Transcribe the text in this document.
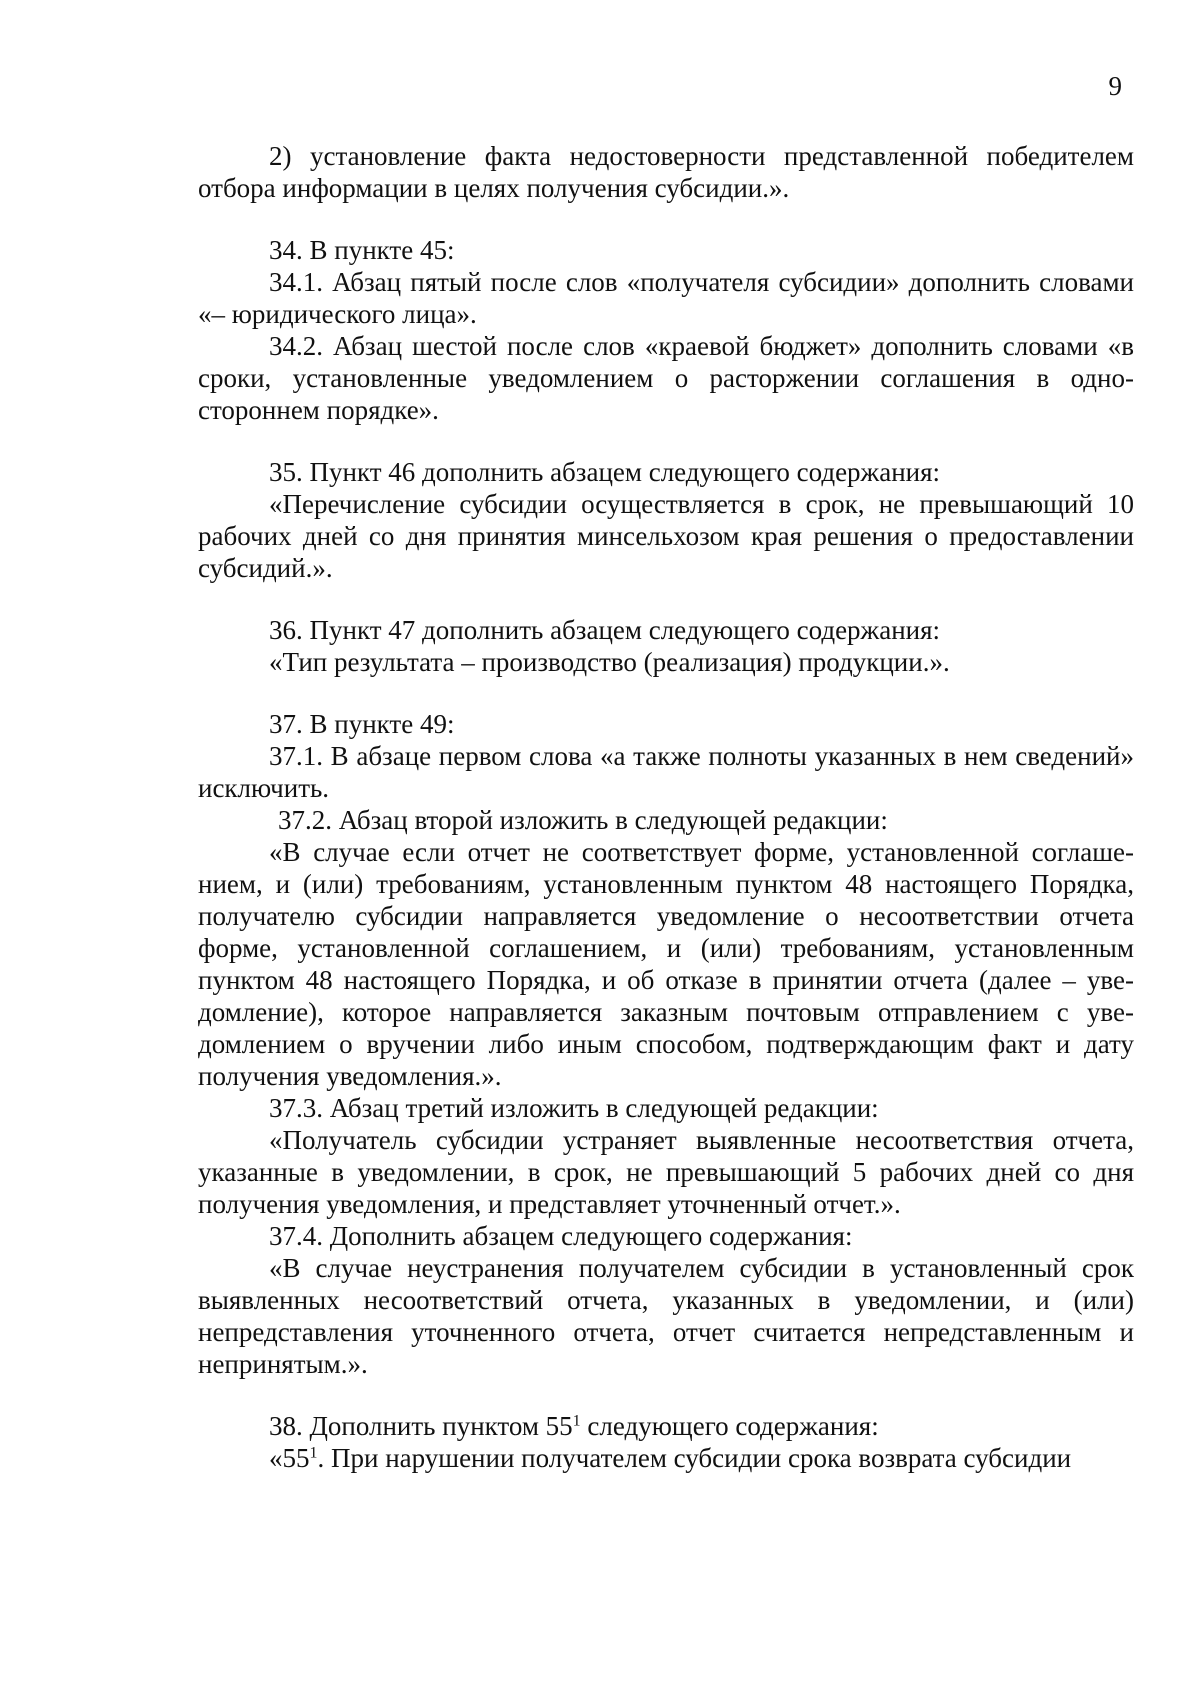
9

2) установление факта недостоверности представленной победителем отбора информации в целях получения субсидии.».

34. В пункте 45:

34.1. Абзац пятый после слов «получателя субсидии» дополнить словами «– юридического лица».

34.2. Абзац шестой после слов «краевой бюджет» дополнить словами «в сроки, установленные уведомлением о расторжении соглашения в одностороннем порядке».

35. Пункт 46 дополнить абзацем следующего содержания:

«Перечисление субсидии осуществляется в срок, не превышающий 10 рабочих дней со дня принятия минсельхозом края решения о предоставлении субсидий.».

36. Пункт 47 дополнить абзацем следующего содержания:

«Тип результата – производство (реализация) продукции.».

37. В пункте 49:

37.1. В абзаце первом слова «а также полноты указанных в нем сведений» исключить.

37.2. Абзац второй изложить в следующей редакции:

«В случае если отчет не соответствует форме, установленной соглашением, и (или) требованиям, установленным пунктом 48 настоящего Порядка, получателю субсидии направляется уведомление о несоответствии отчета форме, установленной соглашением, и (или) требованиям, установленным пунктом 48 настоящего Порядка, и об отказе в принятии отчета (далее – уведомление), которое направляется заказным почтовым отправлением с уведомлением о вручении либо иным способом, подтверждающим факт и дату получения уведомления.».

37.3. Абзац третий изложить в следующей редакции:

«Получатель субсидии устраняет выявленные несоответствия отчета, указанные в уведомлении, в срок, не превышающий 5 рабочих дней со дня получения уведомления, и представляет уточненный отчет.».

37.4. Дополнить абзацем следующего содержания:

«В случае неустранения получателем субсидии в установленный срок выявленных несоответствий отчета, указанных в уведомлении, и (или) непредставления уточненного отчета, отчет считается непредставленным и непринятым.».

38. Дополнить пунктом $55^1$ следующего содержания:

«$55^1$. При нарушении получателем субсидии срока возврата субсидии
